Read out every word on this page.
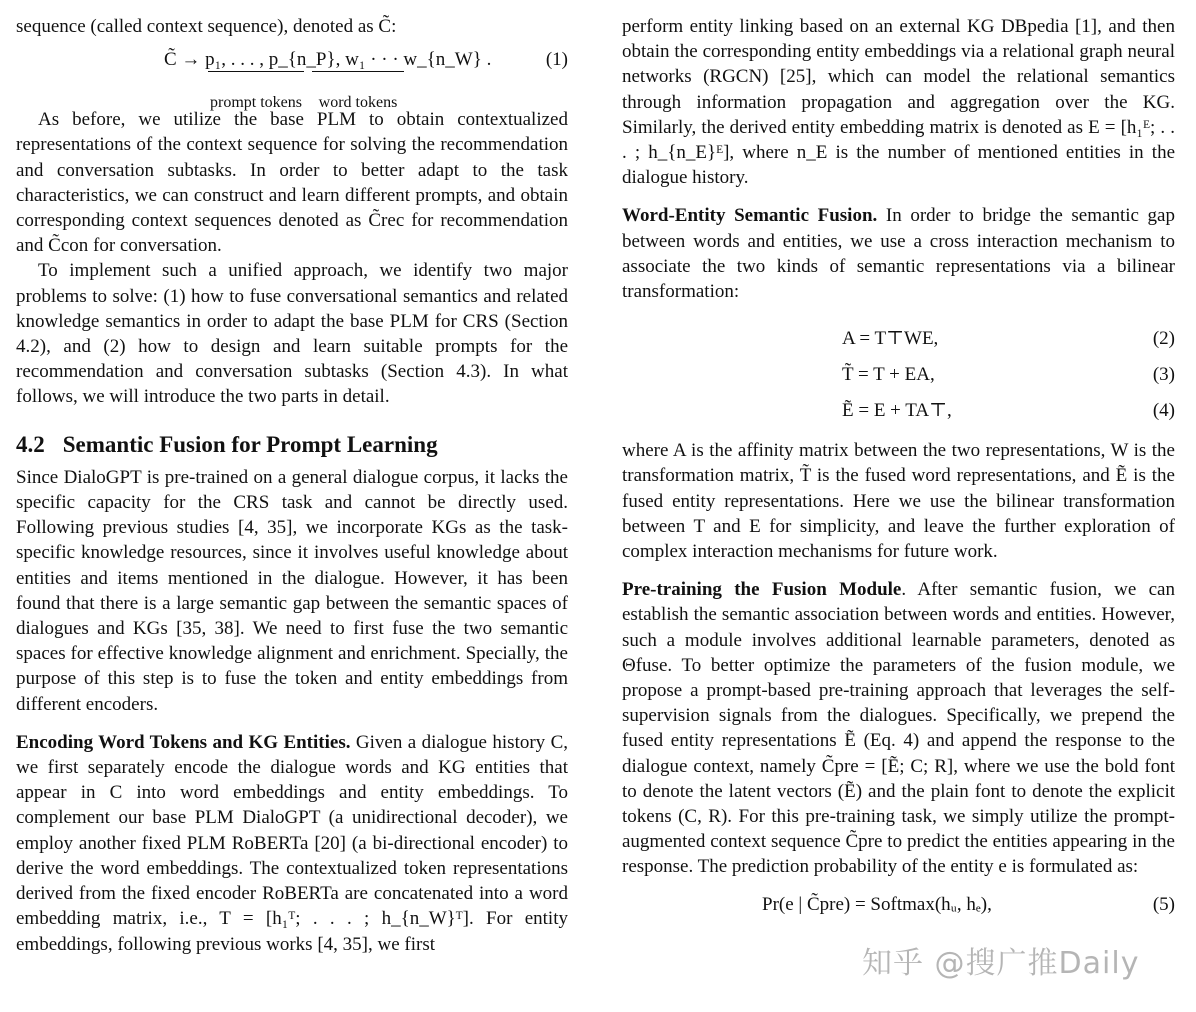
sequence (called context sequence), denoted as C̃:

C̃ → p₁, . . . , p_{n_P}, w₁ · · · w_{n_W} .
prompt tokens word tokens
(1)

As before, we utilize the base PLM to obtain contextualized representations of the context sequence for solving the recommendation and conversation subtasks. In order to better adapt to the task characteristics, we can construct and learn different prompts, and obtain corresponding context sequences denoted as C̃rec for recommendation and C̃con for conversation.

To implement such a unified approach, we identify two major problems to solve: (1) how to fuse conversational semantics and related knowledge semantics in order to adapt the base PLM for CRS (Section 4.2), and (2) how to design and learn suitable prompts for the recommendation and conversation subtasks (Section 4.3). In what follows, we will introduce the two parts in detail.

4.2 Semantic Fusion for Prompt Learning

Since DialoGPT is pre-trained on a general dialogue corpus, it lacks the specific capacity for the CRS task and cannot be directly used. Following previous studies [4, 35], we incorporate KGs as the task-specific knowledge resources, since it involves useful knowledge about entities and items mentioned in the dialogue. However, it has been found that there is a large semantic gap between the semantic spaces of dialogues and KGs [35, 38]. We need to first fuse the two semantic spaces for effective knowledge alignment and enrichment. Specially, the purpose of this step is to fuse the token and entity embeddings from different encoders.

Encoding Word Tokens and KG Entities. Given a dialogue history C, we first separately encode the dialogue words and KG entities that appear in C into word embeddings and entity embeddings. To complement our base PLM DialoGPT (a unidirectional decoder), we employ another fixed PLM RoBERTa [20] (a bi-directional encoder) to derive the word embeddings. The contextualized token representations derived from the fixed encoder RoBERTa are concatenated into a word embedding matrix, i.e., T = [h₁ᵀ; . . . ; h_{n_W}ᵀ]. For entity embeddings, following previous works [4, 35], we first

perform entity linking based on an external KG DBpedia [1], and then obtain the corresponding entity embeddings via a relational graph neural networks (RGCN) [25], which can model the relational semantics through information propagation and aggregation over the KG. Similarly, the derived entity embedding matrix is denoted as E = [h₁ᴱ; . . . ; h_{n_E}ᴱ], where n_E is the number of mentioned entities in the dialogue history.

Word-Entity Semantic Fusion. In order to bridge the semantic gap between words and entities, we use a cross interaction mechanism to associate the two kinds of semantic representations via a bilinear transformation:

A = T⊤WE,	(2)
T̃ = T + EA,	(3)
Ẽ = E + TA⊤,	(4)

where A is the affinity matrix between the two representations, W is the transformation matrix, T̃ is the fused word representations, and Ẽ is the fused entity representations. Here we use the bilinear transformation between T and E for simplicity, and leave the further exploration of complex interaction mechanisms for future work.

Pre-training the Fusion Module. After semantic fusion, we can establish the semantic association between words and entities. However, such a module involves additional learnable parameters, denoted as Θfuse. To better optimize the parameters of the fusion module, we propose a prompt-based pre-training approach that leverages the self-supervision signals from the dialogues. Specifically, we prepend the fused entity representations Ẽ (Eq. 4) and append the response to the dialogue context, namely C̃pre = [Ẽ; C; R], where we use the bold font to denote the latent vectors (Ẽ) and the plain font to denote the explicit tokens (C, R). For this pre-training task, we simply utilize the prompt-augmented context sequence C̃pre to predict the entities appearing in the response. The prediction probability of the entity e is formulated as:

Pr(e | C̃pre) = Softmax(hᵤ, hₑ),	(5)
知乎 @搜广推Daily
